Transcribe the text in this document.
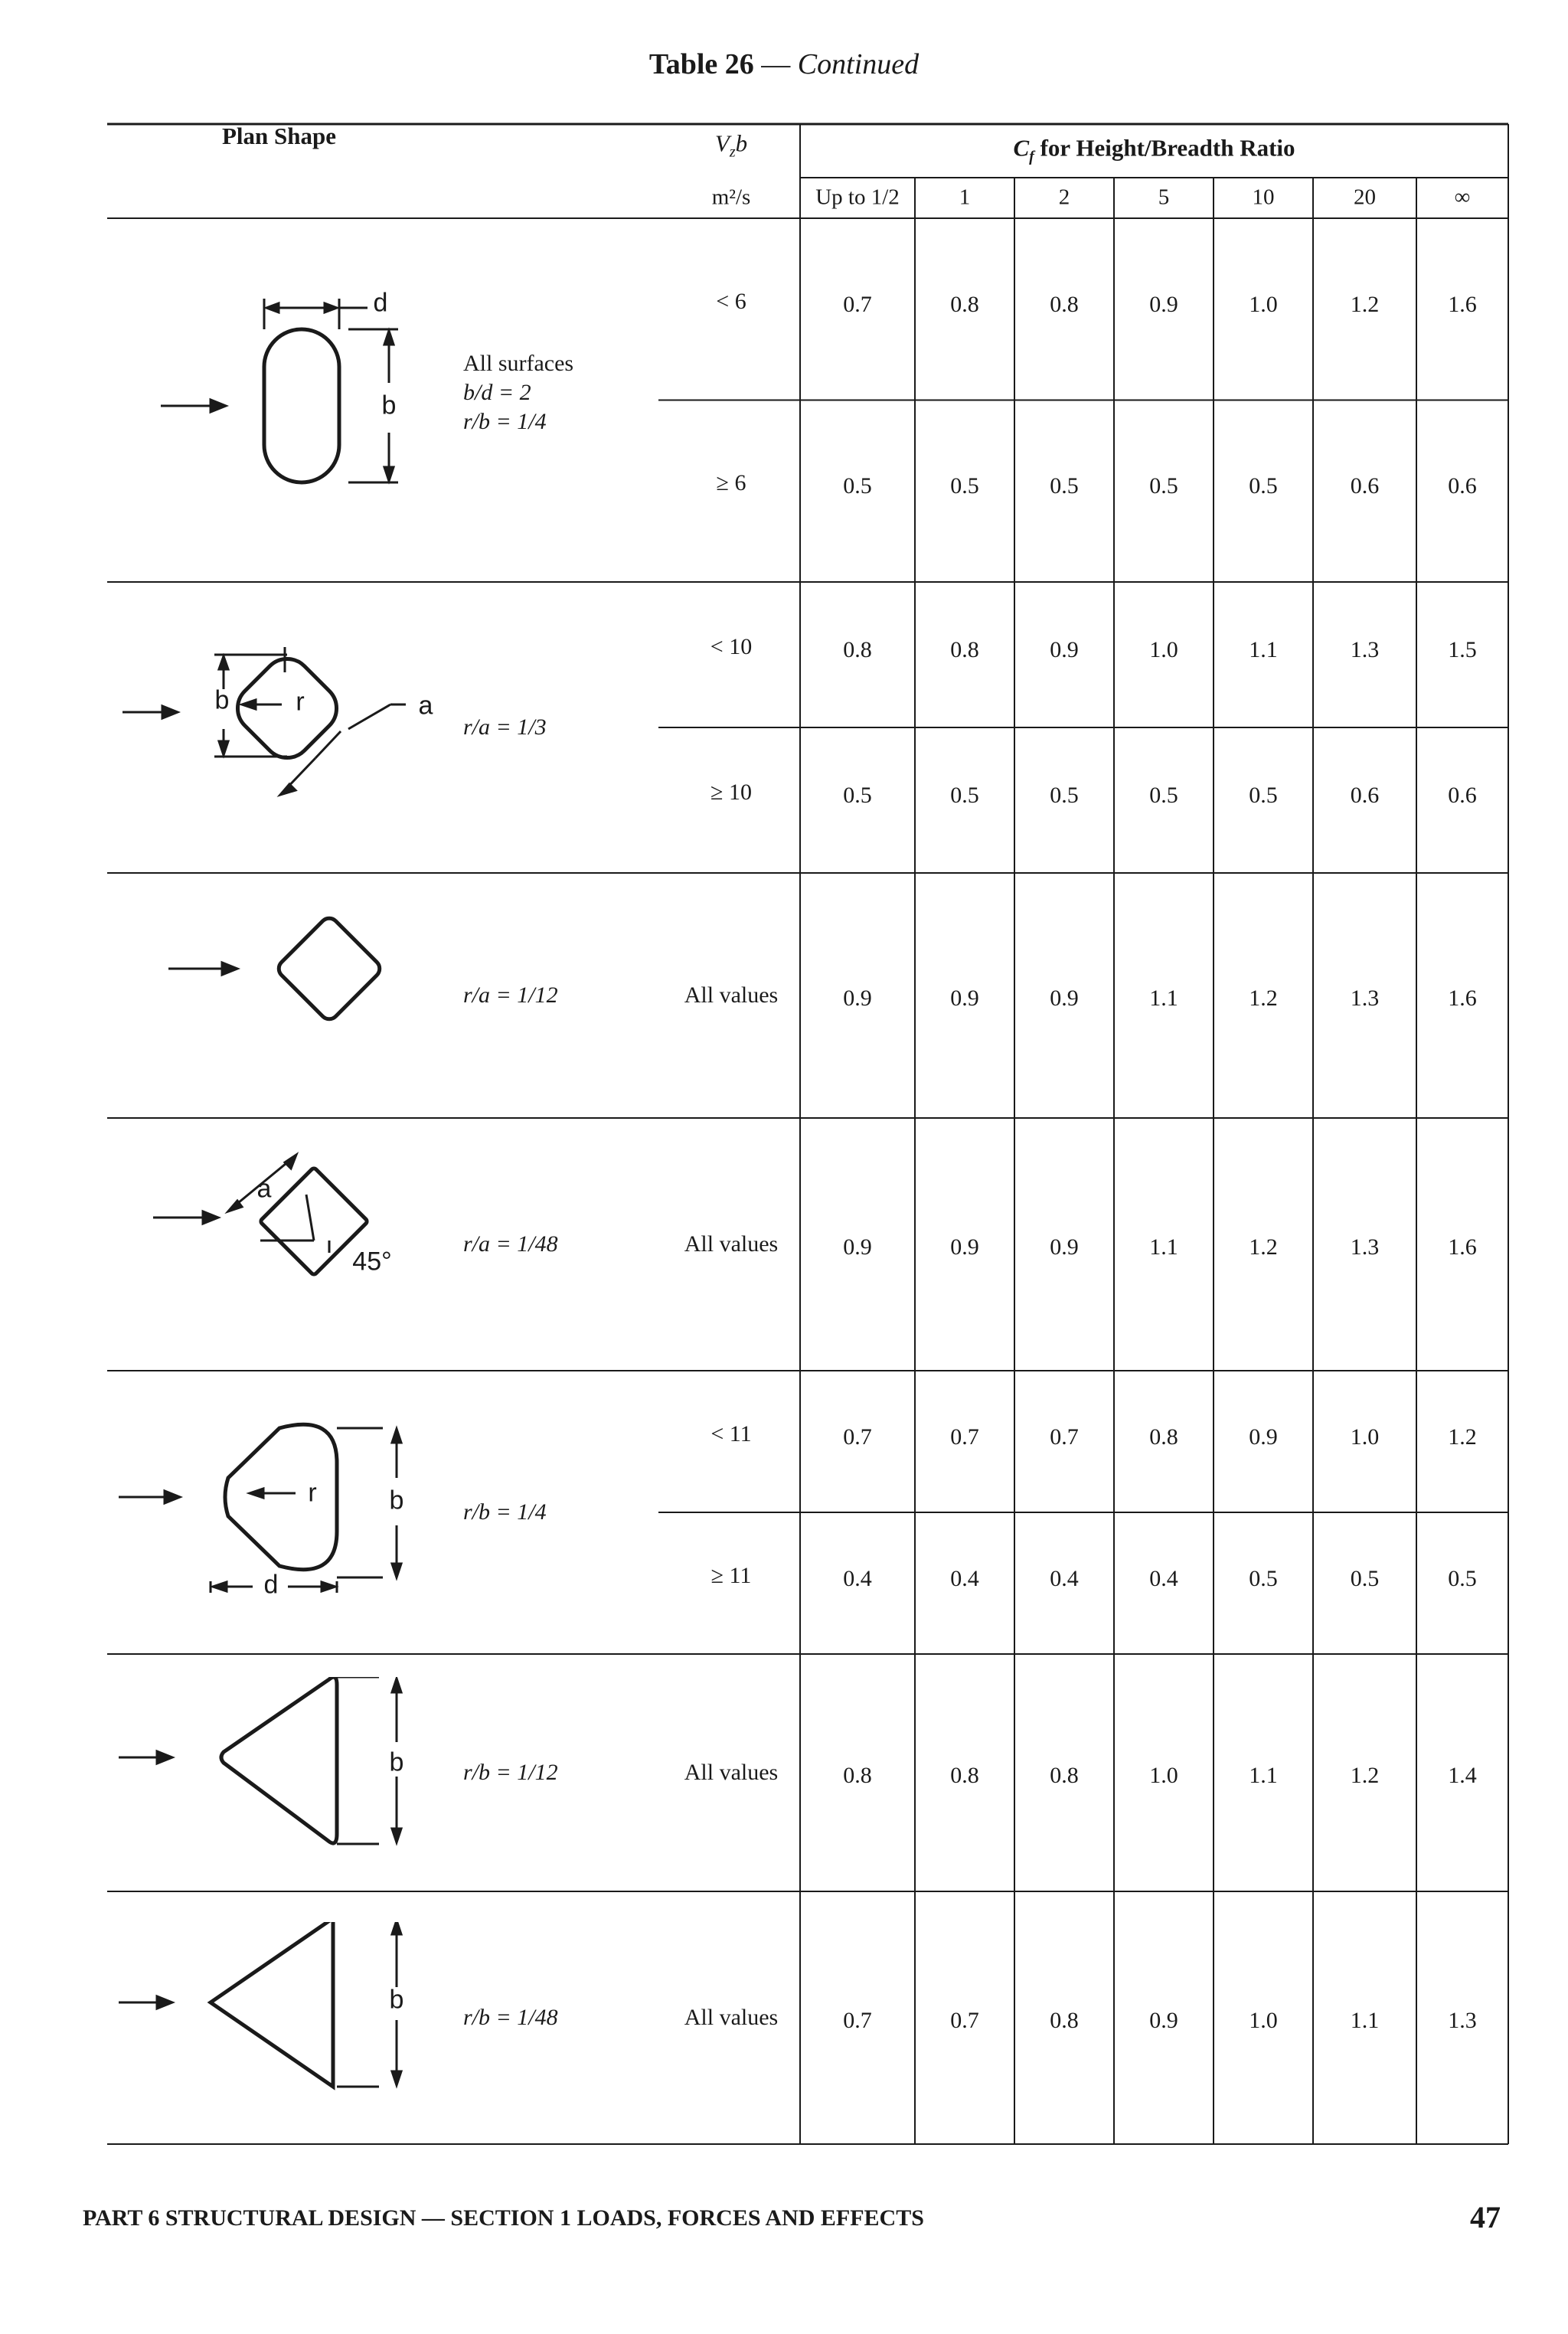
Table 26 — Continued
Plan Shape	$V_zb$
m²/s
$C_f$ for Height/Breadth Ratio
Up to 1/2	1	2	5	10	20	∞
All surfaces
b/d = 2
r/b = 1/4
< 6	0.7	0.8	0.8	0.9	1.0	1.2	1.6
≥ 6	0.5	0.5	0.5	0.5	0.5	0.6	0.6
r/a = 1/3
< 10	0.8	0.8	0.9	1.0	1.1	1.3	1.5
≥ 10	0.5	0.5	0.5	0.5	0.5	0.6	0.6
r/a = 1/12	All values	0.9	0.9	0.9	1.1	1.2	1.3	1.6
r/a = 1/48	All values	0.9	0.9	0.9	1.1	1.2	1.3	1.6
r/b = 1/4
< 11	0.7	0.7	0.7	0.8	0.9	1.0	1.2
≥ 11	0.4	0.4	0.4	0.4	0.5	0.5	0.5
r/b = 1/12	All values	0.8	0.8	0.8	1.0	1.1	1.2	1.4
r/b = 1/48	All values	0.7	0.7	0.8	0.9	1.0	1.1	1.3
d
b
b	r	a
a
45°
r	b
d
b
b
PART 6 STRUCTURAL DESIGN — SECTION 1 LOADS, FORCES AND EFFECTS	47
